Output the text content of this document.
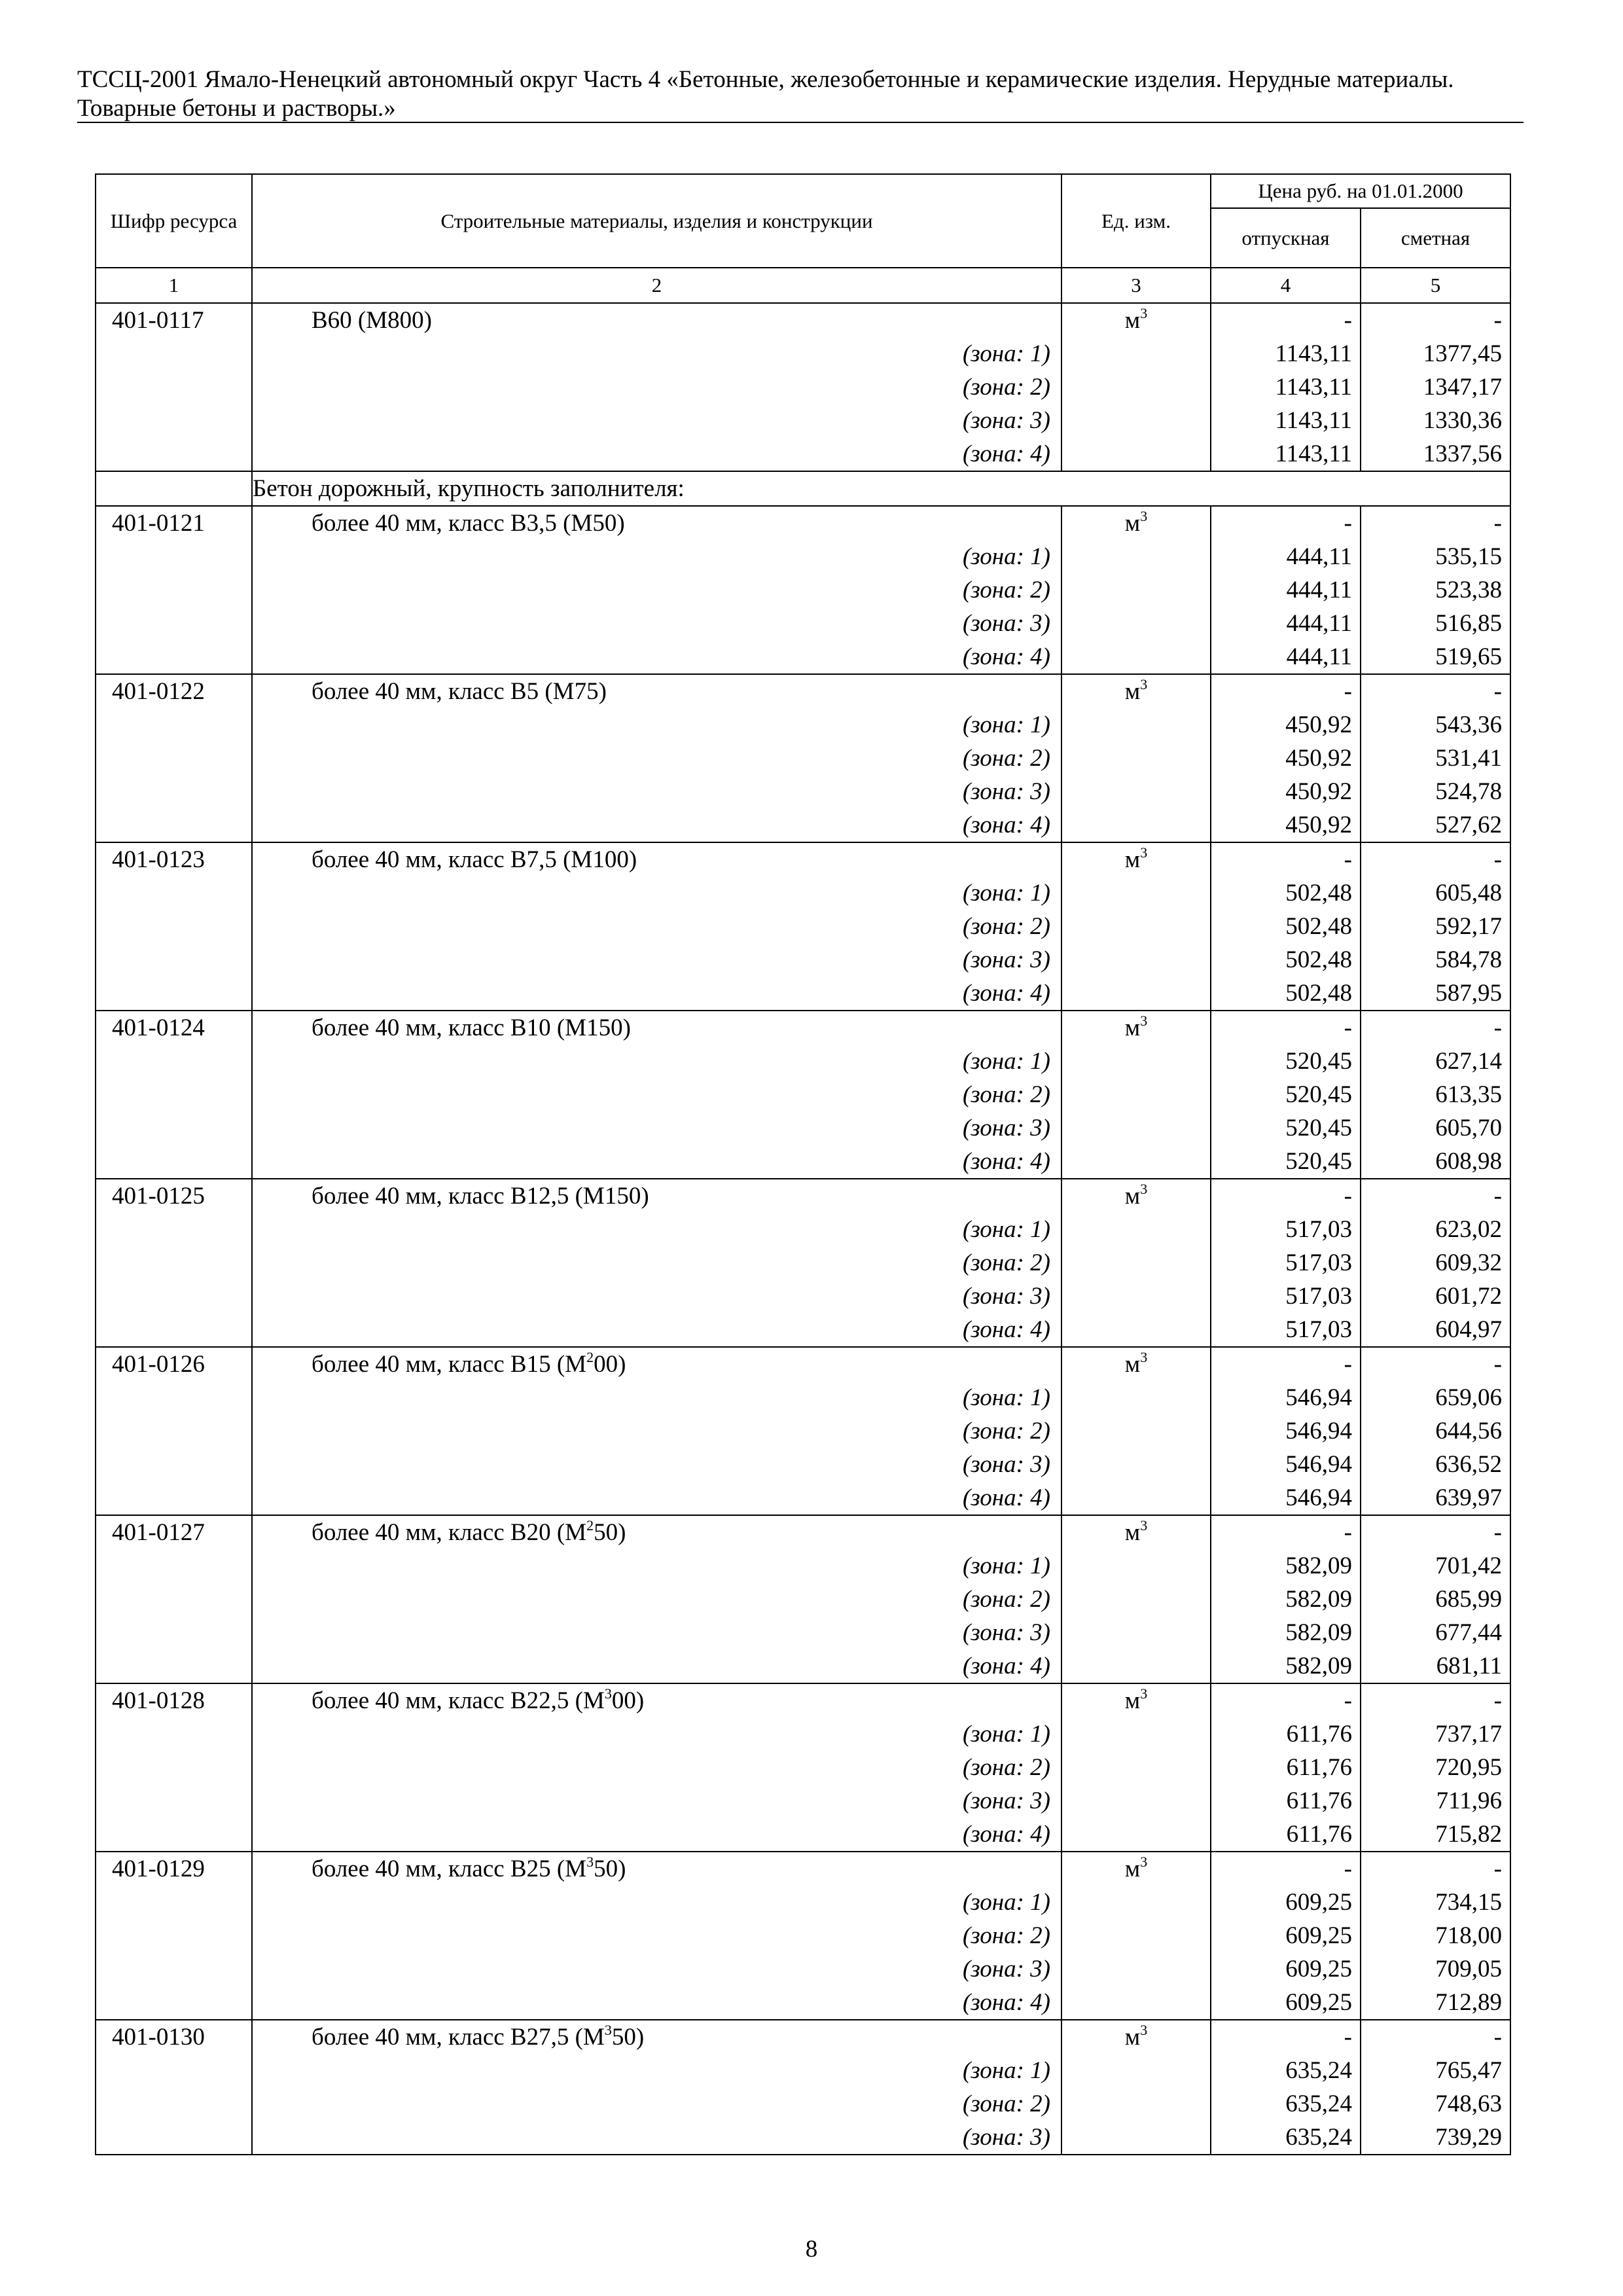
ТССЦ-2001 Ямало-Ненецкий автономный округ Часть 4 «Бетонные, железобетонные и керамические изделия. Нерудные материалы.
Товарные бетоны и растворы.»
Шифр ресурса	Строительные материалы, изделия и конструкции	Ед. изм.	Цена руб. на 01.01.2000	
			отпускная	сметная
1	2	3	4	5
401-0117	В60 (М800)	$м^3$	-	-
	(зона: 1)		1143,11	1377,45
	(зона: 2)		1143,11	1347,17
	(зона: 3)		1143,11	1330,36
	(зона: 4)		1143,11	1337,56
	Бетон дорожный, крупность заполнителя:			
401-0121	более 40 мм, класс В3,5 (М50)	$м^3$	-	-
	(зона: 1)		444,11	535,15
	(зона: 2)		444,11	523,38
	(зона: 3)		444,11	516,85
	(зона: 4)		444,11	519,65
401-0122	более 40 мм, класс В5 (М75)	$м^3$	-	-
	(зона: 1)		450,92	543,36
	(зона: 2)		450,92	531,41
	(зона: 3)		450,92	524,78
	(зона: 4)		450,92	527,62
401-0123	более 40 мм, класс В7,5 (М100)	$м^3$	-	-
	(зона: 1)		502,48	605,48
	(зона: 2)		502,48	592,17
	(зона: 3)		502,48	584,78
	(зона: 4)		502,48	587,95
401-0124	более 40 мм, класс В10 (М150)	$м^3$	-	-
	(зона: 1)		520,45	627,14
	(зона: 2)		520,45	613,35
	(зона: 3)		520,45	605,70
	(зона: 4)		520,45	608,98
401-0125	более 40 мм, класс В12,5 (М150)	$м^3$	-	-
	(зона: 1)		517,03	623,02
	(зона: 2)		517,03	609,32
	(зона: 3)		517,03	601,72
	(зона: 4)		517,03	604,97
401-0126	более 40 мм, класс В15 $(М^200)$	$м^3$	-	-
	(зона: 1)		546,94	659,06
	(зона: 2)		546,94	644,56
	(зона: 3)		546,94	636,52
	(зона: 4)		546,94	639,97
401-0127	более 40 мм, класс В20 $(М^250)$	$м^3$	-	-
	(зона: 1)		582,09	701,42
	(зона: 2)		582,09	685,99
	(зона: 3)		582,09	677,44
	(зона: 4)		582,09	681,11
401-0128	более 40 мм, класс В22,5 $(М^300)$	$м^3$	-	-
	(зона: 1)		611,76	737,17
	(зона: 2)		611,76	720,95
	(зона: 3)		611,76	711,96
	(зона: 4)		611,76	715,82
401-0129	более 40 мм, класс В25 $(М^350)$	$м^3$	-	-
	(зона: 1)		609,25	734,15
	(зона: 2)		609,25	718,00
	(зона: 3)		609,25	709,05
	(зона: 4)		609,25	712,89
401-0130	более 40 мм, класс В27,5 $(М^350)$	$м^3$	-	-
	(зона: 1)		635,24	765,47
	(зона: 2)		635,24	748,63
	(зона: 3)		635,24	739,29
8
